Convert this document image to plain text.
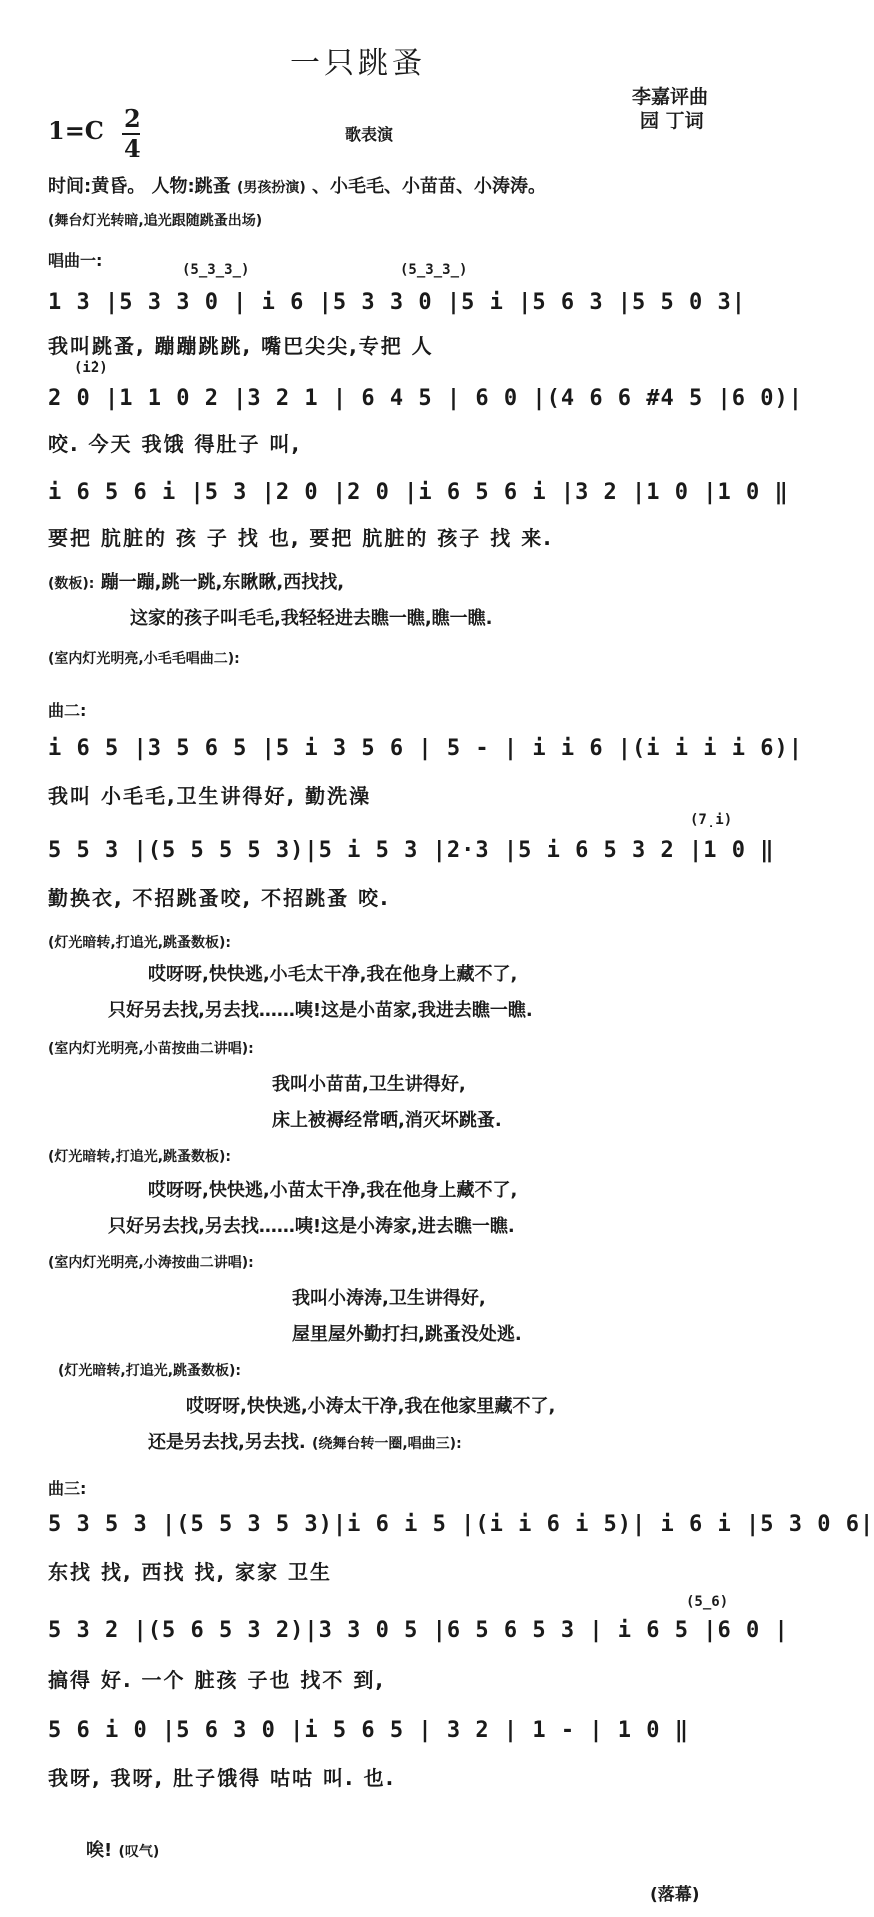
一只跳蚤
李嘉评曲
园 丁词
1=C 2
4	歌表演
时间:黄昏。 人物:跳蚤 (男孩扮演) 、小毛毛、小苗苗、小涛涛。
(舞台灯光转暗,追光跟随跳蚤出场)
唱曲一:	(5̲3̲3̲)	(5̲3̲3̲)
1 3 |5 3 3 0 | i 6 |5 3 3 0 |5 i |5 6 3 |5 5 0 3|
我叫跳蚤, 蹦蹦跳跳, 嘴巴尖尖,专把 人
(i̇2)
2 0 |1 1 0 2 |3 2 1 | 6 4 5 | 6 0 |(4 6 6 #4 5 |6 0)|
咬. 今天 我饿 得肚子 叫,
i 6 5 6 i |5 3 |2 0 |2 0 |i 6 5 6 i |3 2 |1 0 |1 0 ‖
要把 肮脏的 孩 子 找 也, 要把 肮脏的 孩子 找 来.
(数板): 蹦一蹦,跳一跳,东瞅瞅,西找找,
这家的孩子叫毛毛,我轻轻进去瞧一瞧,瞧一瞧.
(室内灯光明亮,小毛毛唱曲二):
曲二:
i 6 5 |3 5 6 5 |5 i 3 5 6 | 5 - | i i 6 |(i i i i 6)|
我叫 小毛毛,卫生讲得好, 勤洗澡
(7̣i)
5 5 3 |(5 5 5 5 3)|5 i 5 3 |2·3 |5 i 6 5 3 2 |1 0 ‖
勤换衣, 不招跳蚤咬, 不招跳蚤 咬.
(灯光暗转,打追光,跳蚤数板):
哎呀呀,快快逃,小毛太干净,我在他身上藏不了,
只好另去找,另去找……咦!这是小苗家,我进去瞧一瞧.
(室内灯光明亮,小苗按曲二讲唱):
我叫小苗苗,卫生讲得好,
床上被褥经常晒,消灭坏跳蚤.
(灯光暗转,打追光,跳蚤数板):
哎呀呀,快快逃,小苗太干净,我在他身上藏不了,
只好另去找,另去找……咦!这是小涛家,进去瞧一瞧.
(室内灯光明亮,小涛按曲二讲唱):
我叫小涛涛,卫生讲得好,
屋里屋外勤打扫,跳蚤没处逃.
(灯光暗转,打追光,跳蚤数板):
哎呀呀,快快逃,小涛太干净,我在他家里藏不了,
还是另去找,另去找. (绕舞台转一圈,唱曲三):
曲三:
5 3 5 3 |(5 5 3 5 3)|i 6 i 5 |(i i 6 i 5)| i 6 i |5 3 0 6|
东找 找, 西找 找, 家家 卫生
(5̲6)
5 3 2 |(5 6 5 3 2)|3 3 0 5 |6 5 6 5 3 | i 6 5 |6 0 |
搞得 好. 一个 脏孩 子也 找不 到,
5 6 i 0 |5 6 3 0 |i 5 6 5 | 3 2 | 1 - | 1 0 ‖
我呀, 我呀, 肚子饿得 咕咕 叫. 也.
唉! (叹气)
(落幕)
